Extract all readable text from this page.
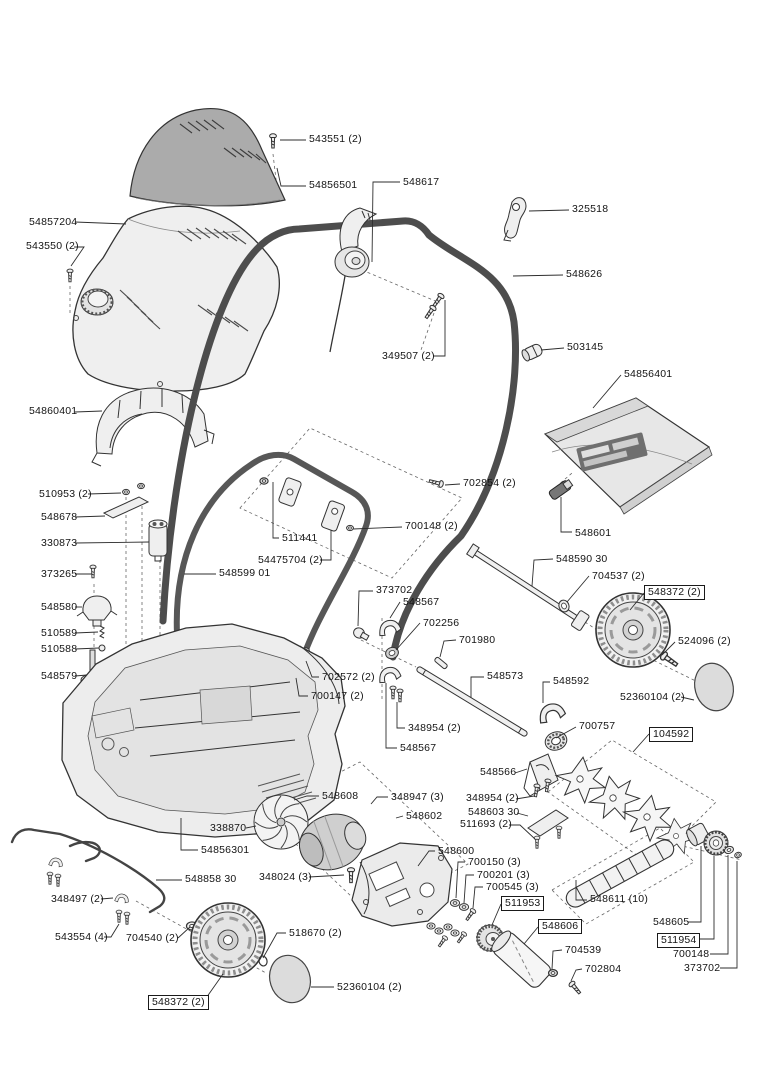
543551 (2)
54856501
54857204
543550 (2)
548617
325518
548626
349507 (2)
503145
54856401
54860401
510953 (2)
548678
330873
373265
548580
510589
510588
548579
548599 01
511441
54475704 (2)
702854 (2)
700148 (2)
373702
548567
702256
701980
548573	548592
548590 30
704537 (2)
548601
548372 (2)
524096 (2)
52360104 (2)
700757
104592
702572 (2)
700147 (2)
348954 (2)
548567
548566
348954 (2)
548603 30
511693 (2)
548608	348947 (3)
548602
338870
54856301
548858 30 348024 (3)
348497 (2)
543554 (4) 704540 (2)	518670 (2)
548372 (2)
52360104 (2)
548600
700150 (3)
700201 (3)
700545 (3)
511953
548606
704539
702804
548611 (10)
548605
511954
700148
373702
